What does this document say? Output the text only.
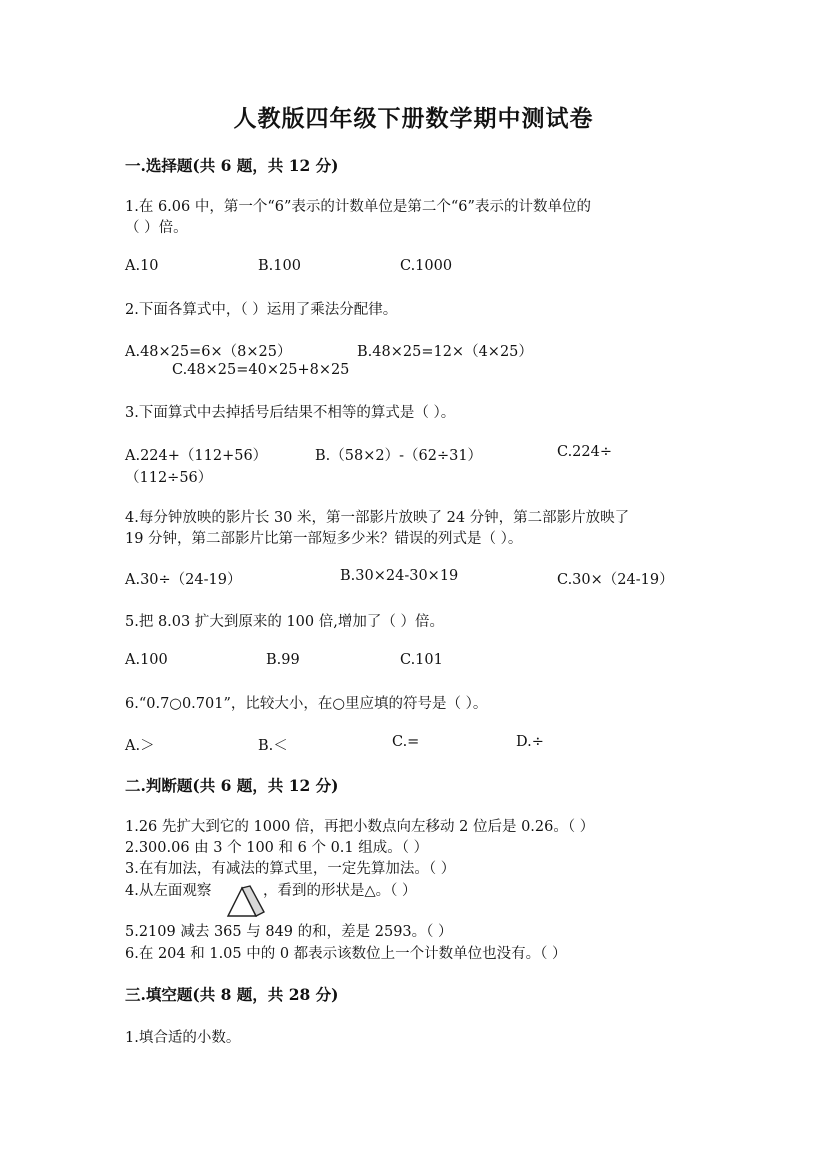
人教版四年级下册数学期中测试卷
一.选择题(共 6 题，共 12 分)
1.在 6.06 中，第一个“6”表示的计数单位是第二个“6”表示的计数单位的
（ ）倍。
A.10	B.100	C.1000
2.下面各算式中，（ ）运用了乘法分配律。
A.48×25=6×（8×25）	B.48×25=12×（4×25）
C.48×25=40×25+8×25
3.下面算式中去掉括号后结果不相等的算式是（ ）。
A.224+（112+56）	B.（58×2）-（62÷31）	C.224÷
（112÷56）
4.每分钟放映的影片长 30 米，第一部影片放映了 24 分钟，第二部影片放映了
19 分钟，第二部影片比第一部短多少米？错误的列式是（ ）。
A.30÷（24-19）	B.30×24-30×19	C.30×（24-19）
5.把 8.03 扩大到原来的 100 倍,增加了（ ）倍。
A.100	B.99	C.101
6.“0.7○0.701”，比较大小，在○里应填的符号是（ ）。
A.＞	B.＜	C.=	D.÷
二.判断题(共 6 题，共 12 分)
1.26 先扩大到它的 1000 倍，再把小数点向左移动 2 位后是 0.26。（ ）
2.300.06 由 3 个 100 和 6 个 0.1 组成。（ ）
3.在有加法，有减法的算式里，一定先算加法。（ ）
4.从左面观察	，看到的形状是△。（ ）
5.2109 减去 365 与 849 的和，差是 2593。（ ）
6.在 204 和 1.05 中的 0 都表示该数位上一个计数单位也没有。（ ）
三.填空题(共 8 题，共 28 分)
1.填合适的小数。
